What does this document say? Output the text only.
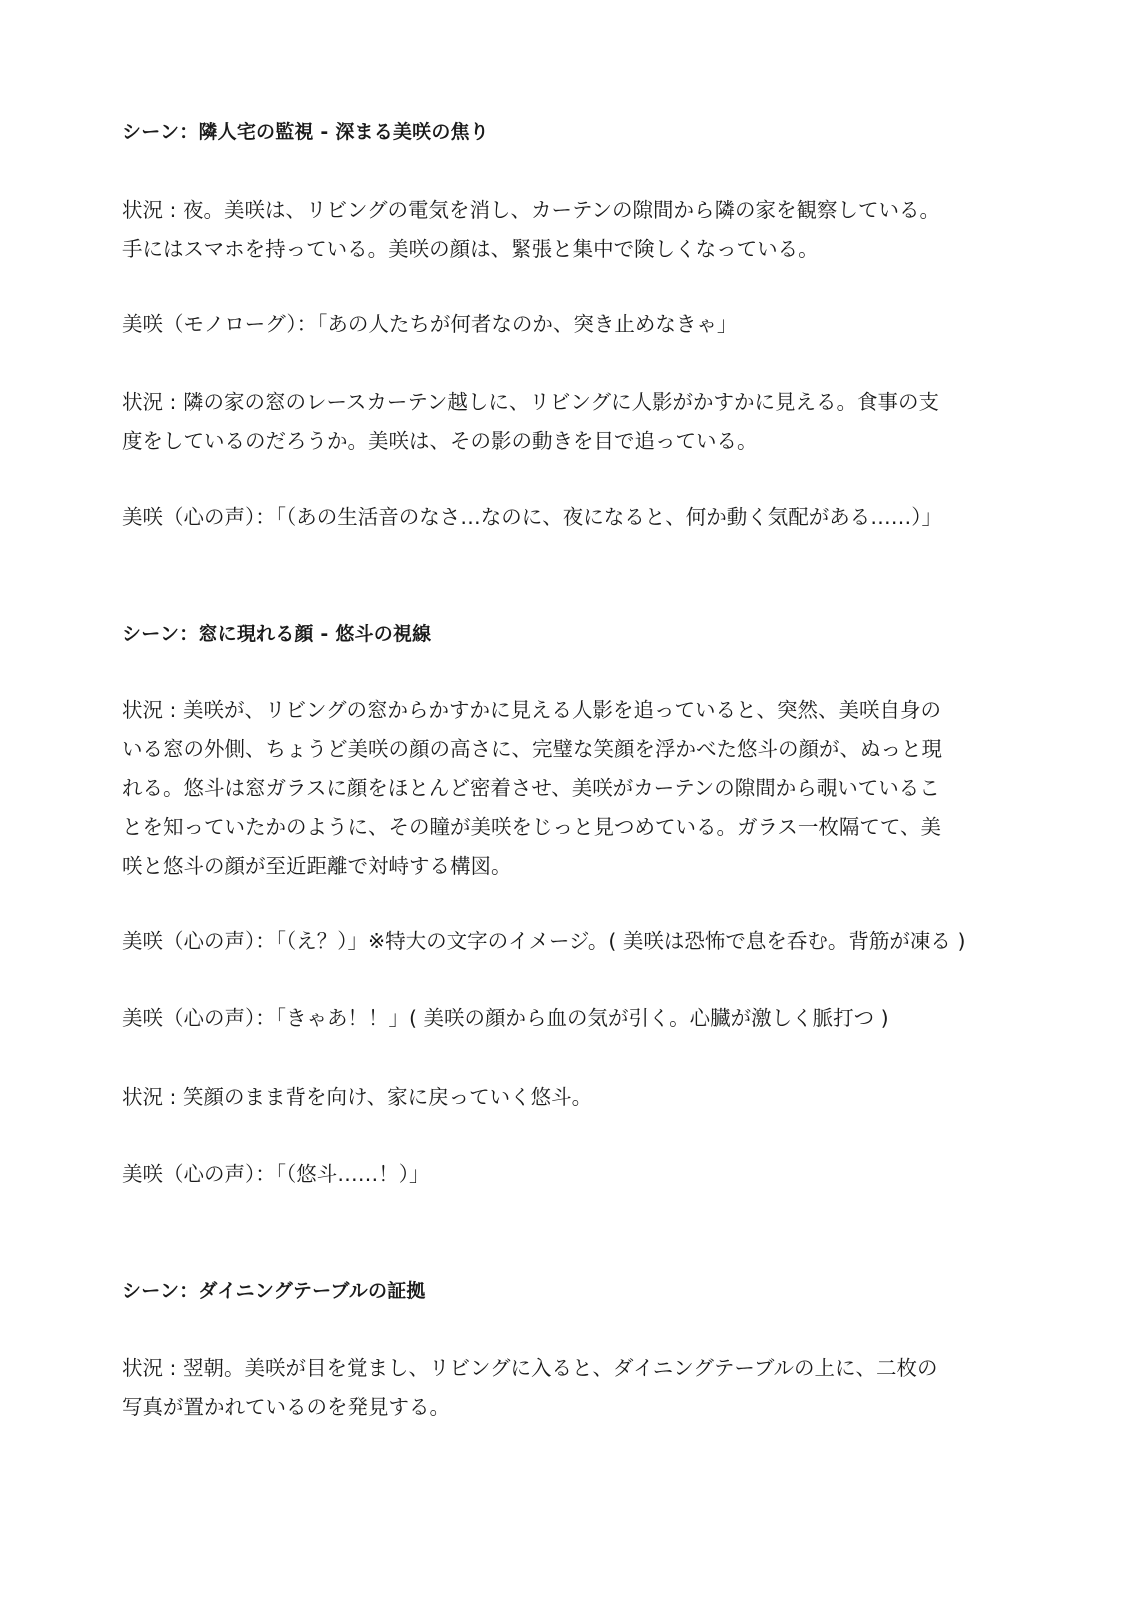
シーン：隣人宅の監視 - 深まる美咲の焦り
状況 : 夜。美咲は、リビングの電気を消し、カーテンの隙間から隣の家を観察している。
手にはスマホを持っている。美咲の顔は、緊張と集中で険しくなっている。
美咲（モノローグ）：「あの人たちが何者なのか、突き止めなきゃ」
状況 : 隣の家の窓のレースカーテン越しに、リビングに人影がかすかに見える。食事の支
度をしているのだろうか。美咲は、その影の動きを目で追っている。
美咲（心の声）：「（あの生活音のなさ…なのに、夜になると、何か動く気配がある……）」
シーン：窓に現れる顔 - 悠斗の視線
状況 : 美咲が、リビングの窓からかすかに見える人影を追っていると、突然、美咲自身の
いる窓の外側、ちょうど美咲の顔の高さに、完璧な笑顔を浮かべた悠斗の顔が、ぬっと現
れる。悠斗は窓ガラスに顔をほとんど密着させ、美咲がカーテンの隙間から覗いているこ
とを知っていたかのように、その瞳が美咲をじっと見つめている。ガラス一枚隔てて、美
咲と悠斗の顔が至近距離で対峙する構図。
美咲（心の声）：「（え？）」※特大の文字のイメージ。( 美咲は恐怖で息を呑む。背筋が凍る )
美咲（心の声）：「きゃあ！！」( 美咲の顔から血の気が引く。心臓が激しく脈打つ )
状況 : 笑顔のまま背を向け、家に戻っていく悠斗。
美咲（心の声）：「（悠斗……！）」
シーン：ダイニングテーブルの証拠
状況 : 翌朝。美咲が目を覚まし、リビングに入ると、ダイニングテーブルの上に、二枚の
写真が置かれているのを発見する。
